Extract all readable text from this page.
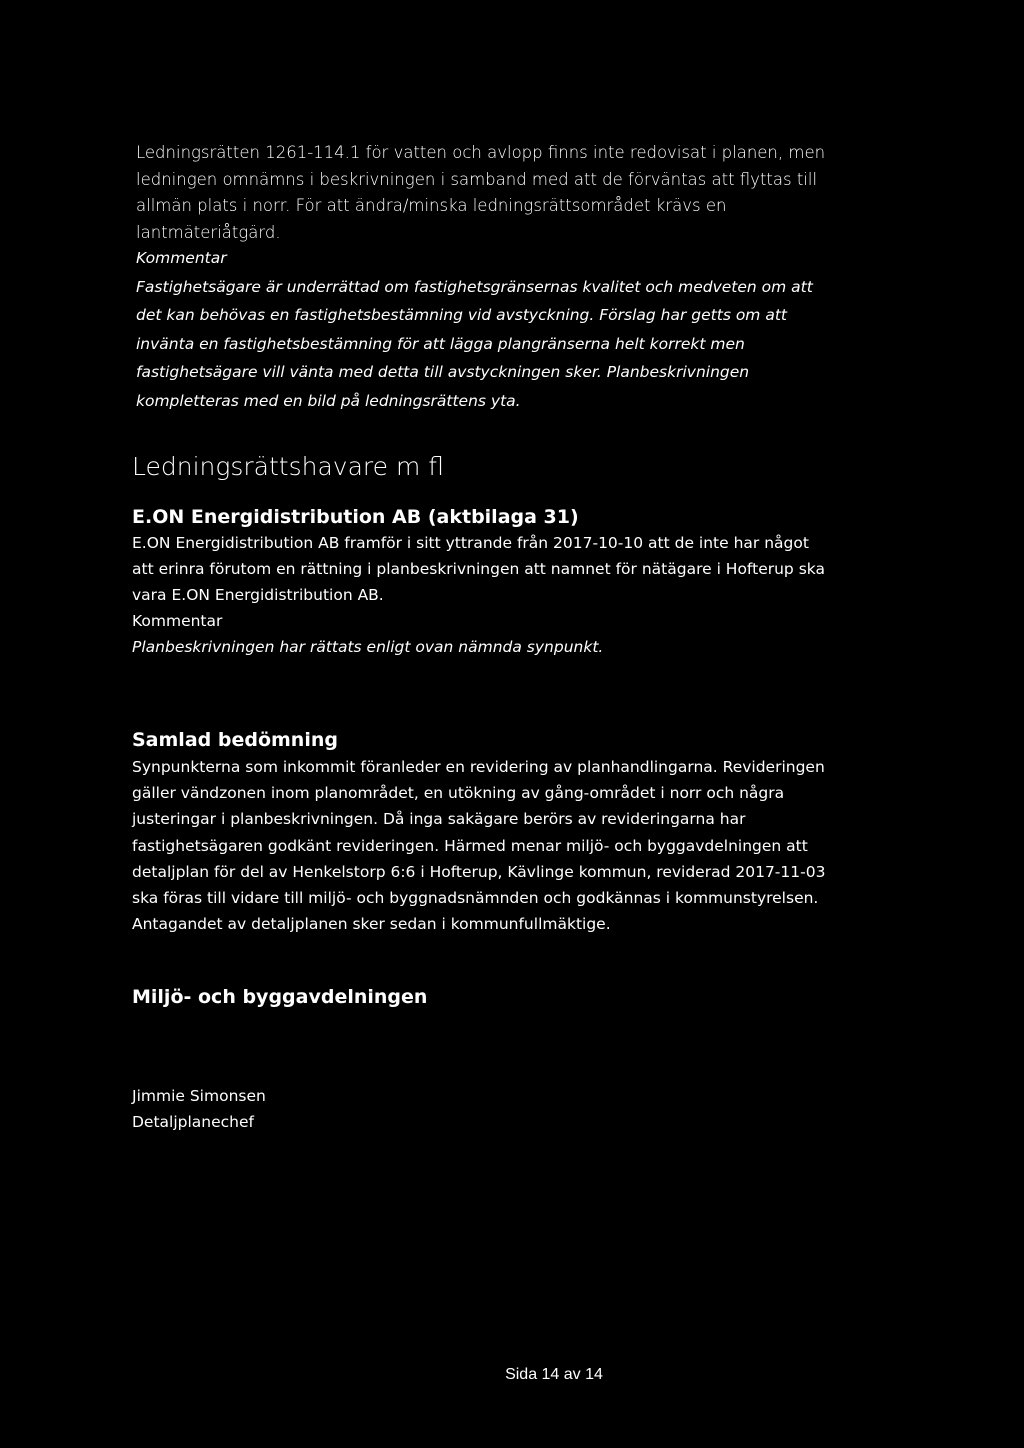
Ledningsrätten 1261-114.1 för vatten och avlopp finns inte redovisat i planen, men ledningen omnämns i beskrivningen i samband med att de förväntas att flyttas till allmän plats i norr. För att ändra/minska ledningsrättsområdet krävs en lantmäteriåtgärd.

Kommentar
Fastighetsägare är underrättad om fastighetsgränsernas kvalitet och medveten om att det kan behövas en fastighetsbestämning vid avstyckning. Förslag har getts om att invänta en fastighetsbestämning för att lägga plangränserna helt korrekt men fastighetsägare vill vänta med detta till avstyckningen sker. Planbeskrivningen kompletteras med en bild på ledningsrättens yta.
Ledningsrättshavare m fl
E.ON Energidistribution AB (aktbilaga 31)
E.ON Energidistribution AB framför i sitt yttrande från 2017-10-10 att de inte har något att erinra förutom en rättning i planbeskrivningen att namnet för nätägare i Hofterup ska vara E.ON Energidistribution AB.
Kommentar
Planbeskrivningen har rättats enligt ovan nämnda synpunkt.
Samlad bedömning

Synpunkterna som inkommit föranleder en revidering av planhandlingarna. Revideringen gäller vändzonen inom planområdet, en utökning av gång-området i norr och några justeringar i planbeskrivningen. Då inga sakägare berörs av revideringarna har fastighetsägaren godkänt revideringen. Härmed menar miljö- och byggavdelningen att detaljplan för del av Henkelstorp 6:6 i Hofterup, Kävlinge kommun, reviderad 2017-11-03 ska föras till vidare till miljö- och byggnadsnämnden och godkännas i kommunstyrelsen. Antagandet av detaljplanen sker sedan i kommunfullmäktige.

Miljö- och byggavdelningen
Jimmie Simonsen
Detaljplanechef
Sida 14 av 14
